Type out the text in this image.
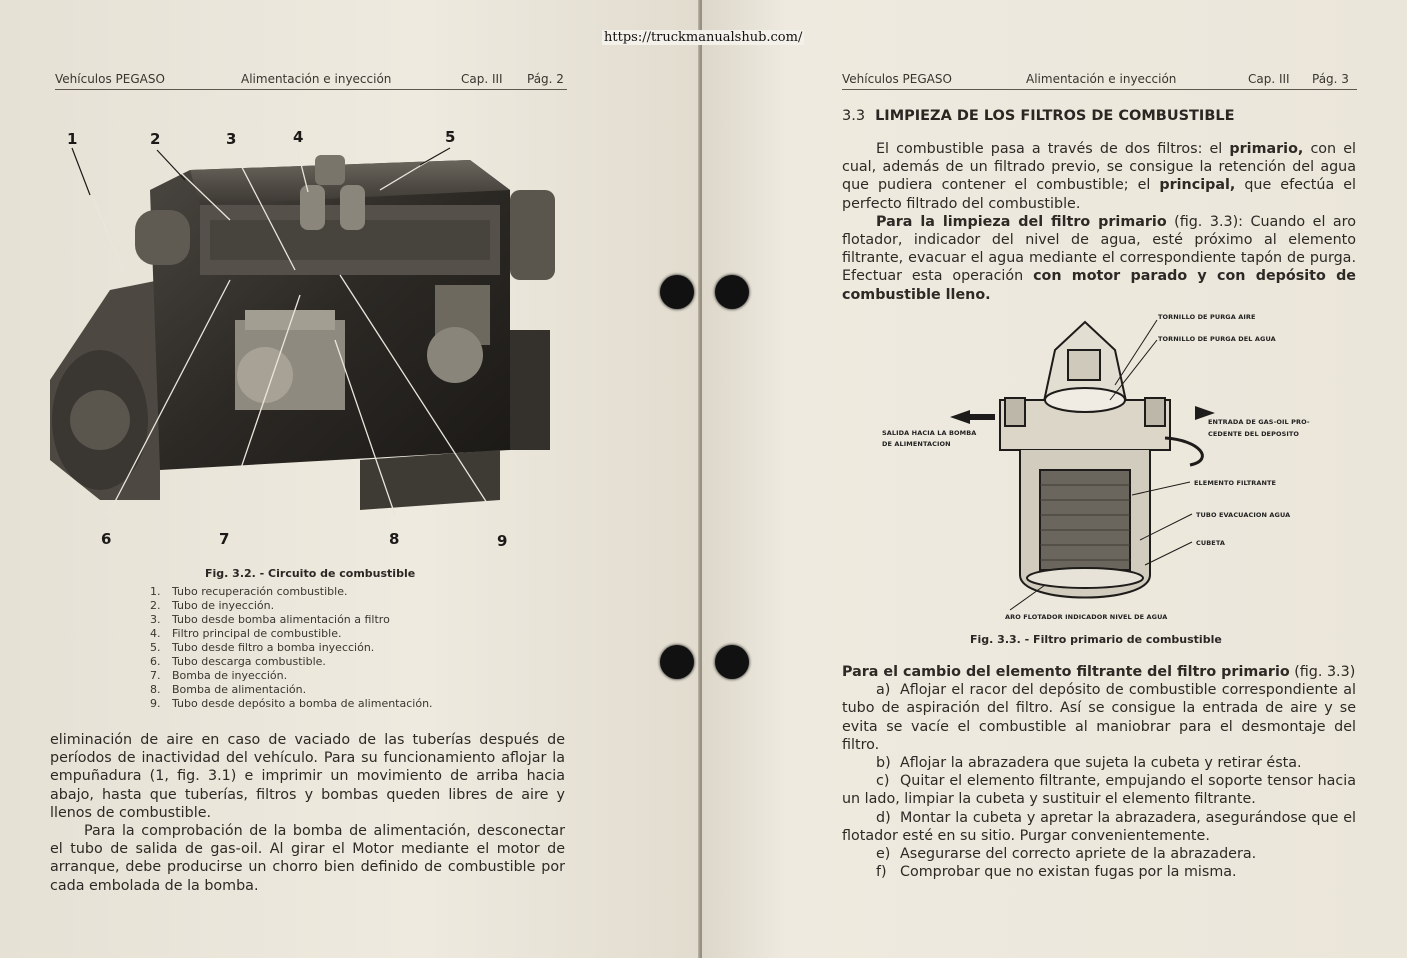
Vehículos PEGASO	Alimentación e inyección	Cap. III Pág. 2
1	2	3	4	5
6	7	8	9
Fig. 3.2. - Circuito de combustible
1. Tubo recuperación combustible.
2. Tubo de inyección.
3. Tubo desde bomba alimentación a filtro
4. Filtro principal de combustible.
5. Tubo desde filtro a bomba inyección.
6. Tubo descarga combustible.
7. Bomba de inyección.
8. Bomba de alimentación.
9. Tubo desde depósito a bomba de alimentación.

eliminación de aire en caso de vaciado de las tuberías después de períodos de inactividad del vehículo. Para su funcionamiento aflojar la empuñadura (1, fig. 3.1) e imprimir un movimiento de arriba hacia abajo, hasta que tuberías, filtros y bombas queden libres de aire y llenos de combustible.

Para la comprobación de la bomba de alimentación, desconectar el tubo de salida de gas-oil. Al girar el Motor mediante el motor de arranque, debe producirse un chorro bien definido de combustible por cada embolada de la bomba.

Vehículos PEGASO	Alimentación e inyección	Cap. III Pág. 3
3.3 LIMPIEZA DE LOS FILTROS DE COMBUSTIBLE

El combustible pasa a través de dos filtros: el primario, con el cual, además de un filtrado previo, se consigue la retención del agua que pudiera contener el combustible; el principal, que efectúa el perfecto filtrado del combustible.

Para la limpieza del filtro primario (fig. 3.3): Cuando el aro flotador, indicador del nivel de agua, esté próximo al elemento filtrante, evacuar el agua mediante el correspondiente tapón de purga. Efectuar esta operación con motor parado y con depósito de combustible lleno.

TORNILLO DE PURGA AIRE
TORNILLO DE PURGA DEL AGUA
SALIDA HACIA LA BOMBA
DE ALIMENTACION
ENTRADA DE GAS-OIL PRO-
CEDENTE DEL DEPOSITO
ELEMENTO FILTRANTE
TUBO EVACUACION AGUA
CUBETA
ARO FLOTADOR INDICADOR NIVEL DE AGUA
Fig. 3.3. - Filtro primario de combustible

Para el cambio del elemento filtrante del filtro primario (fig. 3.3)

a) Aflojar el racor del depósito de combustible correspondiente al tubo de aspiración del filtro. Así se consigue la entrada de aire y se evita se vacíe el combustible al maniobrar para el desmontaje del filtro.

b) Aflojar la abrazadera que sujeta la cubeta y retirar ésta.

c) Quitar el elemento filtrante, empujando el soporte tensor hacia un lado, limpiar la cubeta y sustituir el elemento filtrante.

d) Montar la cubeta y apretar la abrazadera, asegurándose que el flotador esté en su sitio. Purgar convenientemente.

e) Asegurarse del correcto apriete de la abrazadera.

f) Comprobar que no existan fugas por la misma.

https://truckmanualshub.com/
